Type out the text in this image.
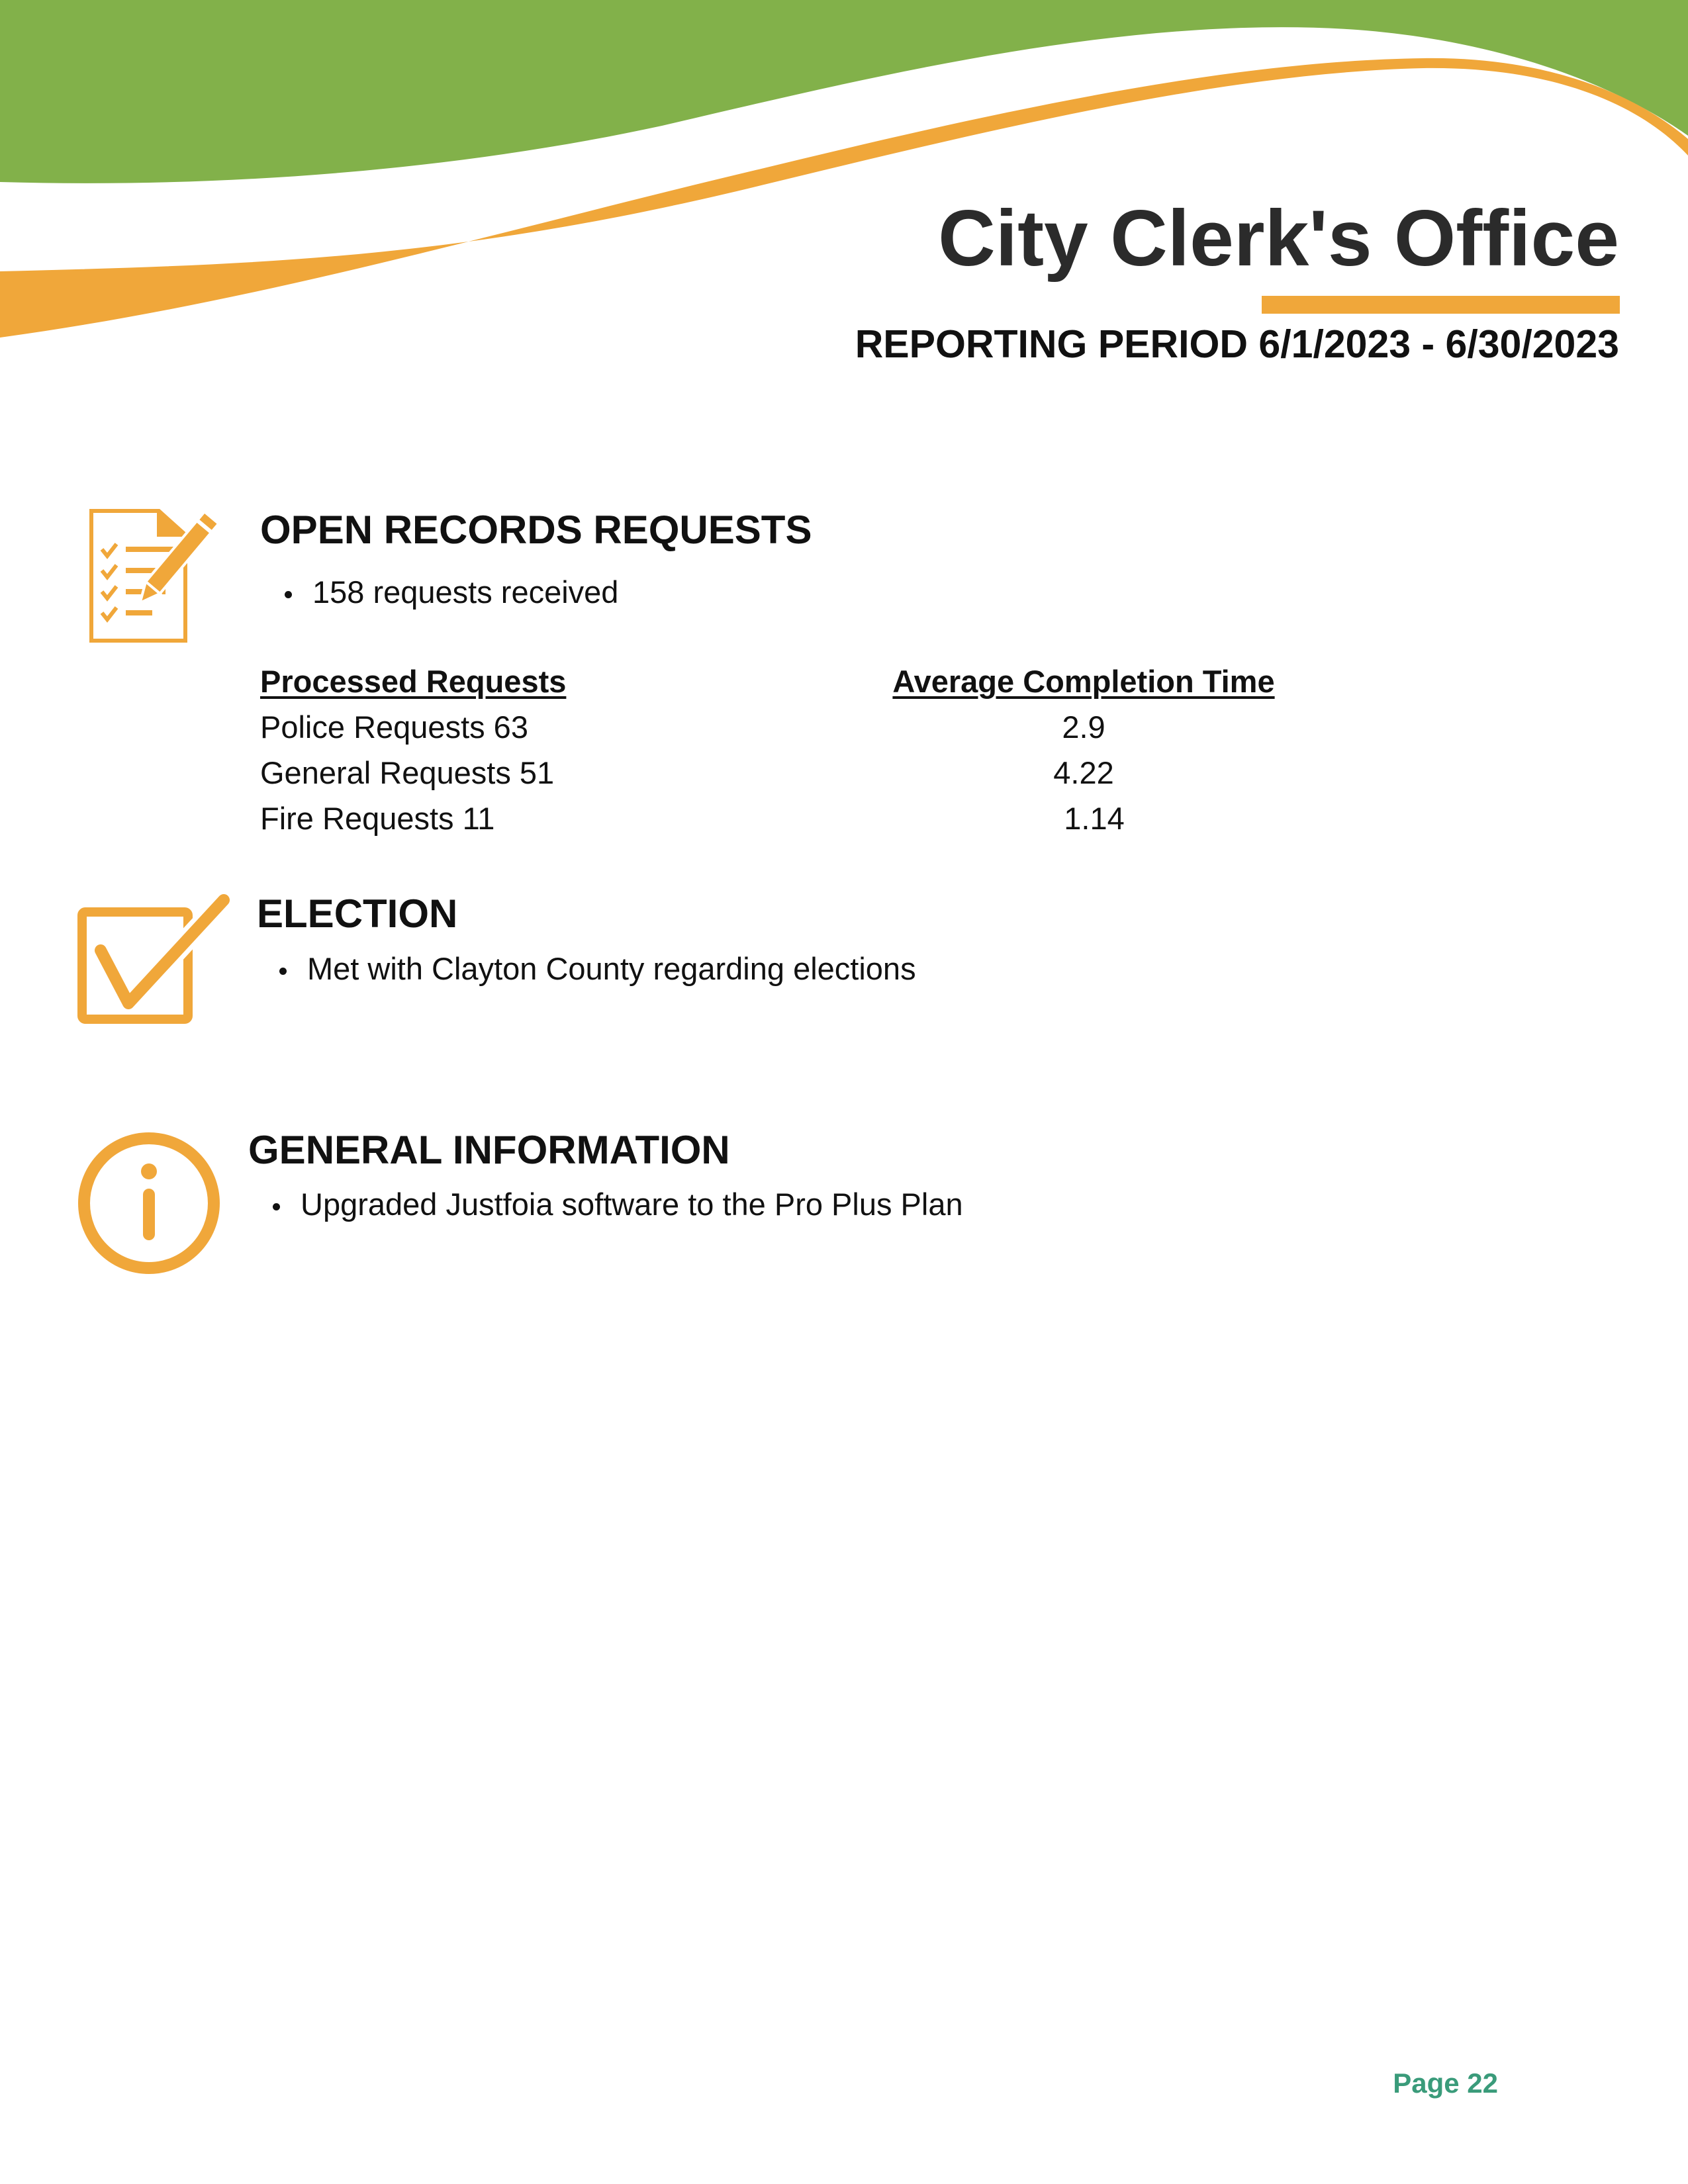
City Clerk's Office
REPORTING PERIOD 6/1/2023 - 6/30/2023
OPEN RECORDS REQUESTS
158 requests received
Processed Requests	Average Completion Time
Police Requests 63	2.9
General Requests 51	4.22
Fire Requests 11	1.14
ELECTION
Met with Clayton County regarding elections
GENERAL INFORMATION
Upgraded Justfoia software to the Pro Plus Plan

Page 22
